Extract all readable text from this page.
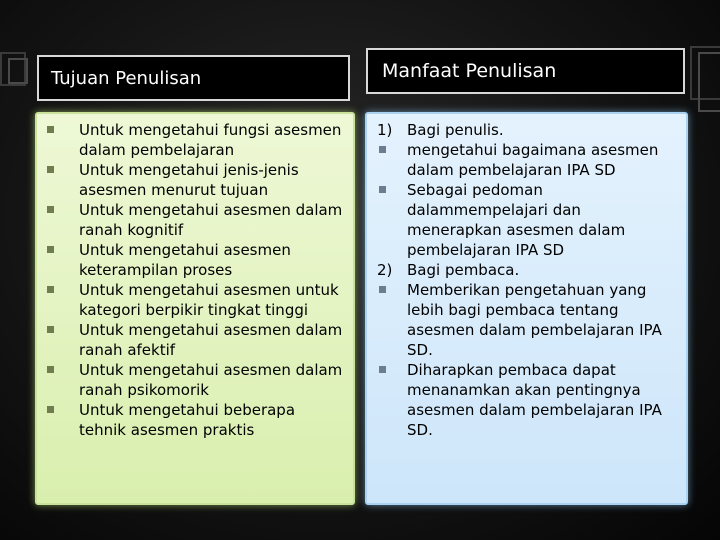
Tujuan Penulisan	Manfaat Penulisan
Untuk mengetahui fungsi asesmen dalam pembelajaran
Untuk mengetahui jenis-jenis asesmen menurut tujuan
Untuk mengetahui asesmen dalam ranah kognitif
Untuk mengetahui asesmen keterampilan proses
Untuk mengetahui asesmen untuk kategori berpikir tingkat tinggi
Untuk mengetahui asesmen dalam ranah afektif
Untuk mengetahui asesmen dalam ranah psikomorik
Untuk mengetahui beberapa tehnik asesmen praktis
1) Bagi penulis.
mengetahui bagaimana asesmen dalam pembelajaran IPA SD
Sebagai pedoman dalammempelajari dan menerapkan asesmen dalam pembelajaran IPA SD
2) Bagi pembaca.
Memberikan pengetahuan yang lebih bagi pembaca tentang asesmen dalam pembelajaran IPA SD.
Diharapkan pembaca dapat menanamkan akan pentingnya asesmen dalam pembelajaran IPA SD.
